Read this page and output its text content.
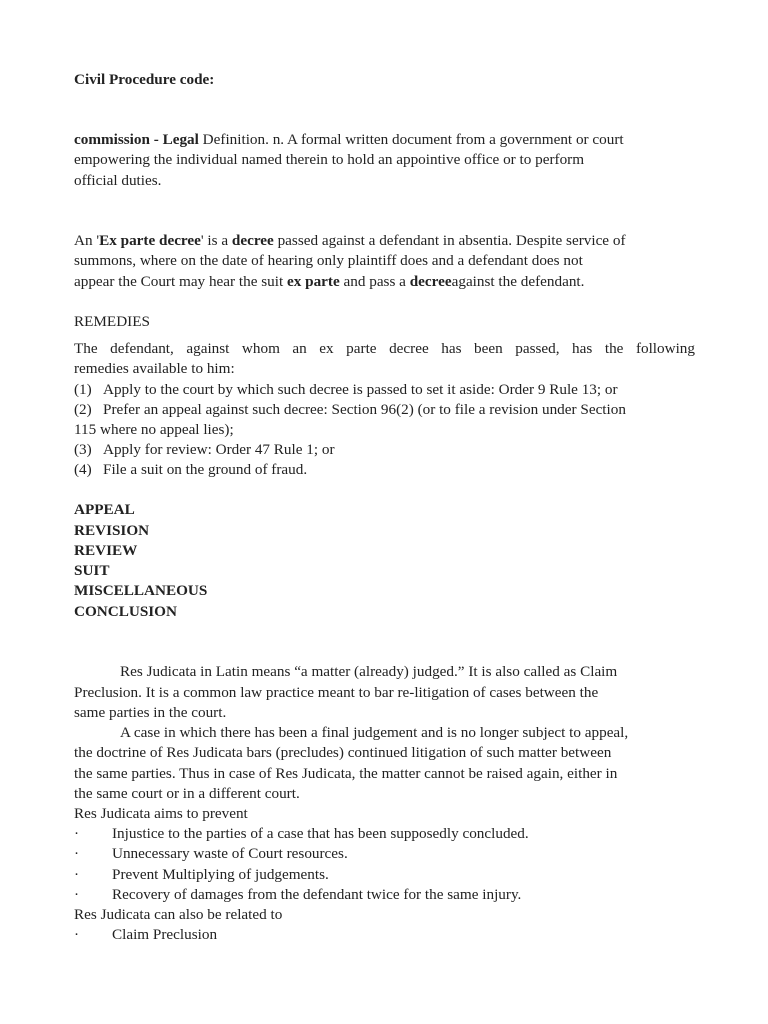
Civil Procedure code:
commission - Legal Definition. n. A formal written document from a government or court
empowering the individual named therein to hold an appointive office or to perform
official duties.
An 'Ex parte decree' is a decree passed against a defendant in absentia. Despite service of
summons, where on the date of hearing only plaintiff does and a defendant does not
appear the Court may hear the suit ex parte and pass a decreeagainst the defendant.
REMEDIES
The defendant, against whom an ex parte decree has been passed, has the following
remedies available to him:
(1) Apply to the court by which such decree is passed to set it aside: Order 9 Rule 13; or
(2) Prefer an appeal against such decree: Section 96(2) (or to file a revision under Section
115 where no appeal lies);
(3) Apply for review: Order 47 Rule 1; or
(4) File a suit on the ground of fraud.
APPEAL
REVISION
REVIEW
SUIT
MISCELLANEOUS
CONCLUSION
Res Judicata in Latin means “a matter (already) judged.” It is also called as Claim
Preclusion. It is a common law practice meant to bar re-litigation of cases between the
same parties in the court.
A case in which there has been a final judgement and is no longer subject to appeal,
the doctrine of Res Judicata bars (precludes) continued litigation of such matter between
the same parties. Thus in case of Res Judicata, the matter cannot be raised again, either in
the same court or in a different court.
Res Judicata aims to prevent
· Injustice to the parties of a case that has been supposedly concluded.
· Unnecessary waste of Court resources.
· Prevent Multiplying of judgements.
· Recovery of damages from the defendant twice for the same injury.
Res Judicata can also be related to
· Claim Preclusion
